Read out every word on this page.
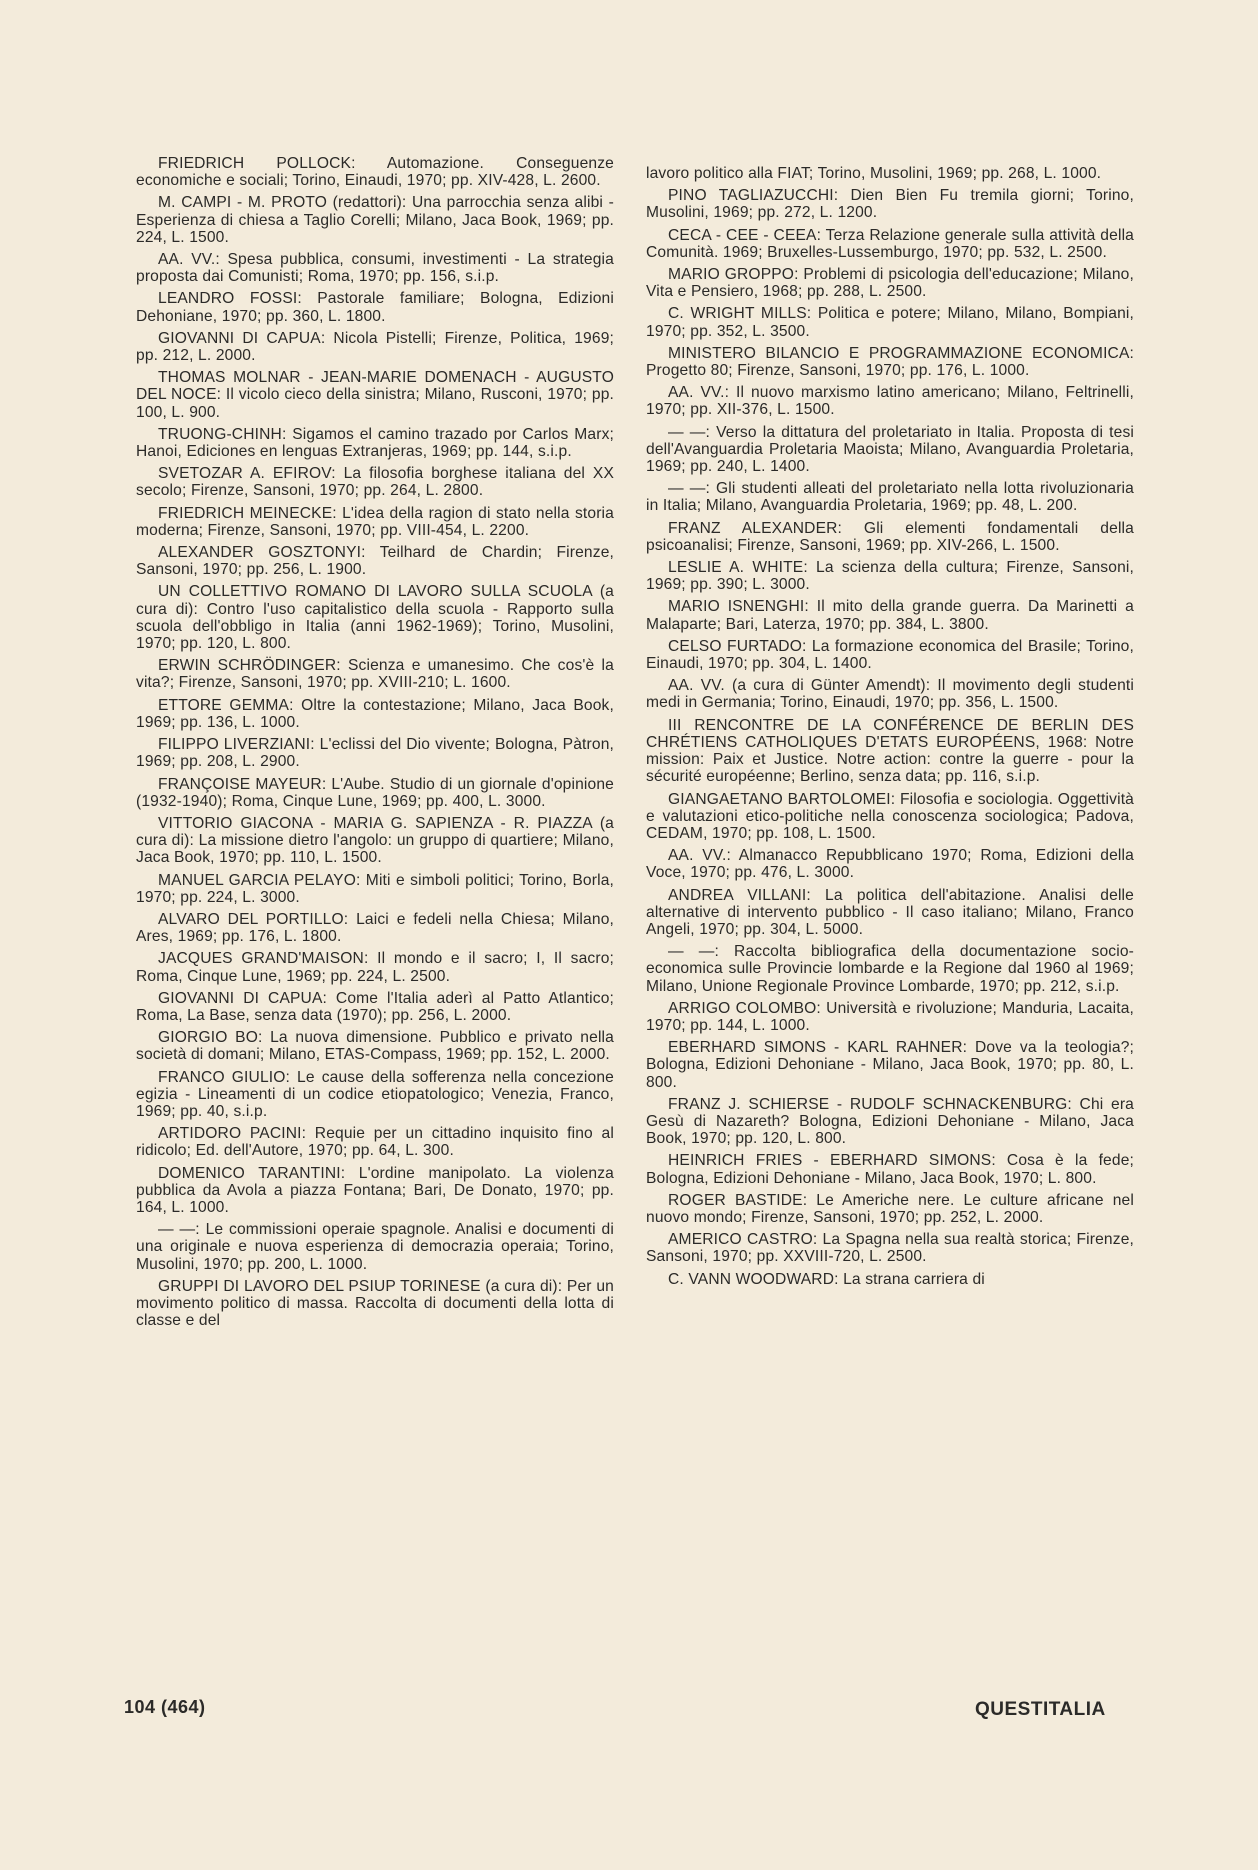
FRIEDRICH POLLOCK: Automazione. Conseguenze economiche e sociali; Torino, Einaudi, 1970; pp. XIV-428, L. 2600.

M. CAMPI - M. PROTO (redattori): Una parrocchia senza alibi - Esperienza di chiesa a Taglio Corelli; Milano, Jaca Book, 1969; pp. 224, L. 1500.

AA. VV.: Spesa pubblica, consumi, investimenti - La strategia proposta dai Comunisti; Roma, 1970; pp. 156, s.i.p.

LEANDRO FOSSI: Pastorale familiare; Bologna, Edizioni Dehoniane, 1970; pp. 360, L. 1800.

GIOVANNI DI CAPUA: Nicola Pistelli; Firenze, Politica, 1969; pp. 212, L. 2000.

THOMAS MOLNAR - JEAN-MARIE DOMENACH - AUGUSTO DEL NOCE: Il vicolo cieco della sinistra; Milano, Rusconi, 1970; pp. 100, L. 900.

TRUONG-CHINH: Sigamos el camino trazado por Carlos Marx; Hanoi, Ediciones en lenguas Extranjeras, 1969; pp. 144, s.i.p.

SVETOZAR A. EFIROV: La filosofia borghese italiana del XX secolo; Firenze, Sansoni, 1970; pp. 264, L. 2800.

FRIEDRICH MEINECKE: L'idea della ragion di stato nella storia moderna; Firenze, Sansoni, 1970; pp. VIII-454, L. 2200.

ALEXANDER GOSZTONYI: Teilhard de Chardin; Firenze, Sansoni, 1970; pp. 256, L. 1900.

UN COLLETTIVO ROMANO DI LAVORO SULLA SCUOLA (a cura di): Contro l'uso capitalistico della scuola - Rapporto sulla scuola dell'obbligo in Italia (anni 1962-1969); Torino, Musolini, 1970; pp. 120, L. 800.

ERWIN SCHRÖDINGER: Scienza e umanesimo. Che cos'è la vita?; Firenze, Sansoni, 1970; pp. XVIII-210; L. 1600.

ETTORE GEMMA: Oltre la contestazione; Milano, Jaca Book, 1969; pp. 136, L. 1000.

FILIPPO LIVERZIANI: L'eclissi del Dio vivente; Bologna, Pàtron, 1969; pp. 208, L. 2900.

FRANÇOISE MAYEUR: L'Aube. Studio di un giornale d'opinione (1932-1940); Roma, Cinque Lune, 1969; pp. 400, L. 3000.

VITTORIO GIACONA - MARIA G. SAPIENZA - R. PIAZZA (a cura di): La missione dietro l'angolo: un gruppo di quartiere; Milano, Jaca Book, 1970; pp. 110, L. 1500.

MANUEL GARCIA PELAYO: Miti e simboli politici; Torino, Borla, 1970; pp. 224, L. 3000.

ALVARO DEL PORTILLO: Laici e fedeli nella Chiesa; Milano, Ares, 1969; pp. 176, L. 1800.

JACQUES GRAND'MAISON: Il mondo e il sacro; I, Il sacro; Roma, Cinque Lune, 1969; pp. 224, L. 2500.

GIOVANNI DI CAPUA: Come l'Italia aderì al Patto Atlantico; Roma, La Base, senza data (1970); pp. 256, L. 2000.

GIORGIO BO: La nuova dimensione. Pubblico e privato nella società di domani; Milano, ETAS-Compass, 1969; pp. 152, L. 2000.

FRANCO GIULIO: Le cause della sofferenza nella concezione egizia - Lineamenti di un codice etiopatologico; Venezia, Franco, 1969; pp. 40, s.i.p.

ARTIDORO PACINI: Requie per un cittadino inquisito fino al ridicolo; Ed. dell'Autore, 1970; pp. 64, L. 300.

DOMENICO TARANTINI: L'ordine manipolato. La violenza pubblica da Avola a piazza Fontana; Bari, De Donato, 1970; pp. 164, L. 1000.

— —: Le commissioni operaie spagnole. Analisi e documenti di una originale e nuova esperienza di democrazia operaia; Torino, Musolini, 1970; pp. 200, L. 1000.

GRUPPI DI LAVORO DEL PSIUP TORINESE (a cura di): Per un movimento politico di massa. Raccolta di documenti della lotta di classe e del

lavoro politico alla FIAT; Torino, Musolini, 1969; pp. 268, L. 1000.

PINO TAGLIAZUCCHI: Dien Bien Fu tremila giorni; Torino, Musolini, 1969; pp. 272, L. 1200.

CECA - CEE - CEEA: Terza Relazione generale sulla attività della Comunità. 1969; Bruxelles-Lussemburgo, 1970; pp. 532, L. 2500.

MARIO GROPPO: Problemi di psicologia dell'educazione; Milano, Vita e Pensiero, 1968; pp. 288, L. 2500.

C. WRIGHT MILLS: Politica e potere; Milano, Milano, Bompiani, 1970; pp. 352, L. 3500.

MINISTERO BILANCIO E PROGRAMMAZIONE ECONOMICA: Progetto 80; Firenze, Sansoni, 1970; pp. 176, L. 1000.

AA. VV.: Il nuovo marxismo latino americano; Milano, Feltrinelli, 1970; pp. XII-376, L. 1500.

— —: Verso la dittatura del proletariato in Italia. Proposta di tesi dell'Avanguardia Proletaria Maoista; Milano, Avanguardia Proletaria, 1969; pp. 240, L. 1400.

— —: Gli studenti alleati del proletariato nella lotta rivoluzionaria in Italia; Milano, Avanguardia Proletaria, 1969; pp. 48, L. 200.

FRANZ ALEXANDER: Gli elementi fondamentali della psicoanalisi; Firenze, Sansoni, 1969; pp. XIV-266, L. 1500.

LESLIE A. WHITE: La scienza della cultura; Firenze, Sansoni, 1969; pp. 390; L. 3000.

MARIO ISNENGHI: Il mito della grande guerra. Da Marinetti a Malaparte; Bari, Laterza, 1970; pp. 384, L. 3800.

CELSO FURTADO: La formazione economica del Brasile; Torino, Einaudi, 1970; pp. 304, L. 1400.

AA. VV. (a cura di Günter Amendt): Il movimento degli studenti medi in Germania; Torino, Einaudi, 1970; pp. 356, L. 1500.

III RENCONTRE DE LA CONFÉRENCE DE BERLIN DES CHRÉTIENS CATHOLIQUES D'ETATS EUROPÉENS, 1968: Notre mission: Paix et Justice. Notre action: contre la guerre - pour la sécurité européenne; Berlino, senza data; pp. 116, s.i.p.

GIANGAETANO BARTOLOMEI: Filosofia e sociologia. Oggettività e valutazioni etico-politiche nella conoscenza sociologica; Padova, CEDAM, 1970; pp. 108, L. 1500.

AA. VV.: Almanacco Repubblicano 1970; Roma, Edizioni della Voce, 1970; pp. 476, L. 3000.

ANDREA VILLANI: La politica dell'abitazione. Analisi delle alternative di intervento pubblico - Il caso italiano; Milano, Franco Angeli, 1970; pp. 304, L. 5000.

— —: Raccolta bibliografica della documentazione socio-economica sulle Provincie lombarde e la Regione dal 1960 al 1969; Milano, Unione Regionale Province Lombarde, 1970; pp. 212, s.i.p.

ARRIGO COLOMBO: Università e rivoluzione; Manduria, Lacaita, 1970; pp. 144, L. 1000.

EBERHARD SIMONS - KARL RAHNER: Dove va la teologia?; Bologna, Edizioni Dehoniane - Milano, Jaca Book, 1970; pp. 80, L. 800.

FRANZ J. SCHIERSE - RUDOLF SCHNACKENBURG: Chi era Gesù di Nazareth? Bologna, Edizioni Dehoniane - Milano, Jaca Book, 1970; pp. 120, L. 800.

HEINRICH FRIES - EBERHARD SIMONS: Cosa è la fede; Bologna, Edizioni Dehoniane - Milano, Jaca Book, 1970; L. 800.

ROGER BASTIDE: Le Americhe nere. Le culture africane nel nuovo mondo; Firenze, Sansoni, 1970; pp. 252, L. 2000.

AMERICO CASTRO: La Spagna nella sua realtà storica; Firenze, Sansoni, 1970; pp. XXVIII-720, L. 2500.

C. VANN WOODWARD: La strana carriera di

104 (464)	QUESTITALIA
